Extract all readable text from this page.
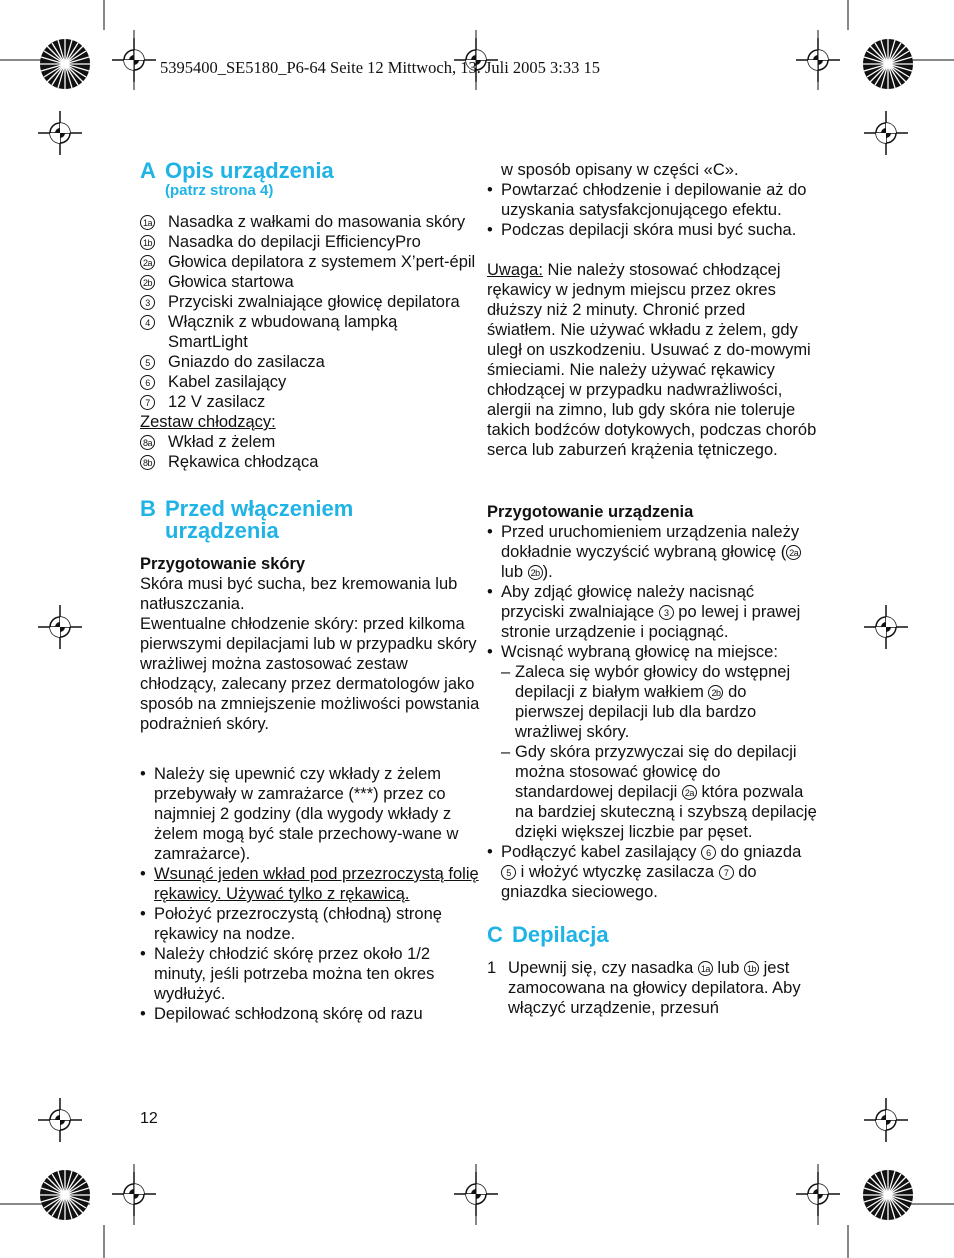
5395400_SE5180_P6-64 Seite 12 Mittwoch, 13. Juli 2005 3:33 15
A Opis urządzenia
(patrz strona 4)
1a Nasadka z wałkami do masowania skóry
1b Nasadka do depilacji EfficiencyPro
2a Głowica depilatora z systemem X’pert-épil
2b Głowica startowa
3	Przyciski zwalniające głowicę depilatora
4	Włącznik z wbudowaną lampką SmartLight
5	Gniazdo do zasilacza
6	Kabel zasilający
7	12 V zasilacz
Zestaw chłodzący:
8a Wkład z żelem
8b Rękawica chłodząca
B Przed włączeniem
urządzenia
Przygotowanie skóry
Skóra musi być sucha, bez kremowania lub natłuszczania.
Ewentualne chłodzenie skóry: przed kilkoma pierwszymi depilacjami lub w przypadku skóry wrażliwej można zastosować zestaw chłodzący, zalecany przez dermatologów jako sposób na zmniejszenie możliwości powstania podrażnień skóry.
• Należy się upewnić czy wkłady z żelem przebywały w zamrażarce (***) przez co najmniej 2 godziny (dla wygody wkłady z żelem mogą być stale przechowy-wane w zamrażarce).
• Wsunąć jeden wkład pod przezroczystą folię rękawicy. Używać tylko z rękawicą.
• Położyć przezroczystą (chłodną) stronę rękawicy na nodze.
• Należy chłodzić skórę przez około 1/2 minuty, jeśli potrzeba można ten okres wydłużyć.
• Depilować schłodzoną skórę od razu
w sposób opisany w części «C».
• Powtarzać chłodzenie i depilowanie aż do uzyskania satysfakcjonującego efektu.
• Podczas depilacji skóra musi być sucha.
Uwaga: Nie należy stosować chłodzącej rękawicy w jednym miejscu przez okres dłuższy niż 2 minuty. Chronić przed światłem. Nie używać wkładu z żelem, gdy uległ on uszkodzeniu. Usuwać z do-mowymi śmieciami. Nie należy używać rękawicy chłodzącej w przypadku nadwrażliwości, alergii na zimno, lub gdy skóra nie toleruje takich bodźców dotykowych, podczas chorób serca lub zaburzeń krążenia tętniczego.
Przygotowanie urządzenia
• Przed uruchomieniem urządzenia należy dokładnie wyczyścić wybraną głowicę ( 2a lub 2b ).
• Aby zdjąć głowicę należy nacisnąć przyciski zwalniające 3 po lewej i prawej stronie urządzenie i pociągnąć.
• Wcisnąć wybraną głowicę na miejsce:
– Zaleca się wybór głowicy do wstępnej depilacji z białym wałkiem 2b do pierwszej depilacji lub dla bardzo wrażliwej skóry.
– Gdy skóra przyzwyczai się do depilacji można stosować głowicę do standardowej depilacji 2a która pozwala na bardziej skuteczną i szybszą depilację dzięki większej liczbie par pęset.
• Podłączyć kabel zasilający 6 do gniazda 5 i włożyć wtyczkę zasilacza 7 do gniazdka sieciowego.
C Depilacja
1 Upewnij się, czy nasadka 1a lub 1b jest zamocowana na głowicy depilatora. Aby włączyć urządzenie, przesuń
12
